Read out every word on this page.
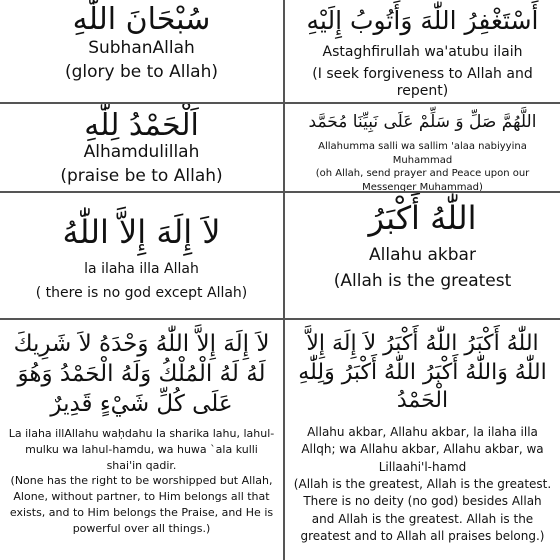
سُبْحَانَ اللّٰهِ
SubhanAllah
(glory be to Allah)
أَسْتَغْفِرُ اللّٰهَ وَأَتُوبُ إِلَيْهِ
Astaghfirullah wa'atubu ilaih
(I seek forgiveness to Allah and repent)
اَلْحَمْدُ لِلّٰهِ
Alhamdulillah
(praise be to Allah)
اللَّهُمَّ صَلِّ وَ سَلِّمْ عَلَى نَبِيِّنَا مُحَمَّد
Allahumma salli wa sallim 'alaa nabiyyina Muhammad
(oh Allah, send prayer and Peace upon our Messenger Muhammad)
لاَ إِلَهَ إِلاَّ اللّٰهُ
la ilaha illa Allah
( there is no god except Allah)
اللّٰهُ أَكْبَرُ
Allahu akbar
(Allah is the greatest
لاَ إِلَهَ إِلاَّ اللّٰهُ وَحْدَهُ لاَ شَرِيكَ لَهُ لَهُ الْمُلْكُ وَلَهُ الْحَمْدُ وَهُوَ عَلَى كُلِّ شَيْءٍ قَدِيرٌ
La ilaha illAllahu waḥdahu la sharika lahu, lahul-mulku wa lahul-hamdu, wa huwa `ala kulli shai'in qadir.
(None has the right to be worshipped but Allah, Alone, without partner, to Him belongs all that exists, and to Him belongs the Praise, and He is powerful over all things.)
اللّٰهُ أَكْبَرُ اللّٰهُ أَكْبَرُ لاَ إِلَهَ إِلاَّ اللّٰهُ وَاللّٰهُ أَكْبَرُ اللّٰهُ أَكْبَرُ وَلِلّٰهِ الْحَمْدُ
Allahu akbar, Allahu akbar, la ilaha illa Allqh; wa Allahu akbar, Allahu akbar, wa Lillaahi'l-hamd
(Allah is the greatest, Allah is the greatest. There is no deity (no god) besides Allah and Allah is the greatest. Allah is the greatest and to Allah all praises belong.)
